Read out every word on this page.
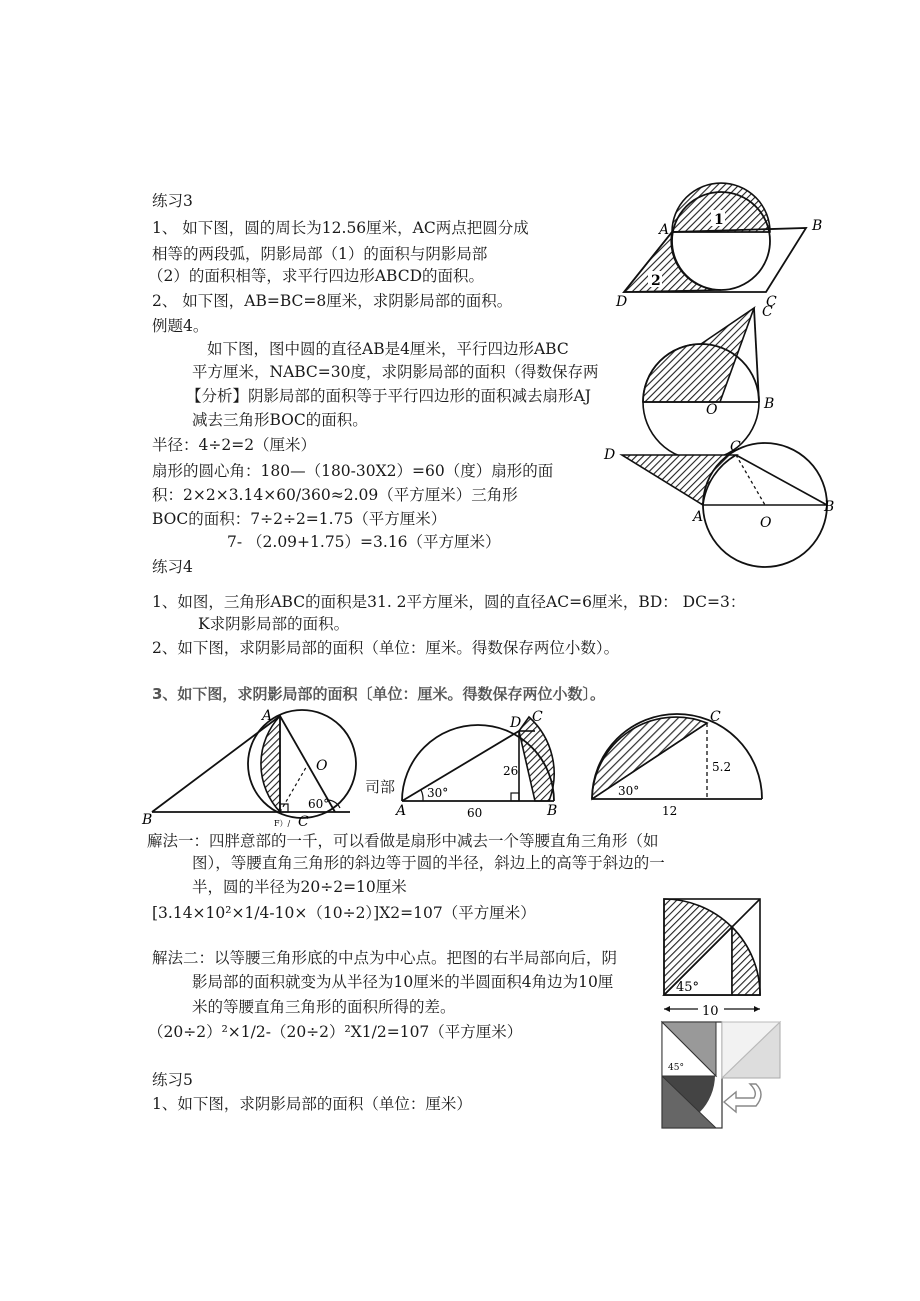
练习3
1、 如下图，圆的周长为12.56厘米，AC两点把圆分成
相等的两段弧，阴影局部（1）的面积与阴影局部
（2）的面积相等，求平行四边形ABCD的面积。
2、 如下图，AB=BC=8厘米，求阴影局部的面积。
例题4。
如下图，图中圆的直径AB是4厘米，平行四边形ABC
平方厘米，NABC=30度，求阴影局部的面积（得数保存两
【分析】阴影局部的面积等于平行四边形的面积减去扇形AJ
减去三角形BOC的面积。
半径：4÷2=2（厘米）
扇形的圆心角：180—（180-30X2）=60（度）扇形的面
积：2×2×3.14×60/360≈2.09（平方厘米）三角形
BOC的面积：7÷2÷2=1.75（平方厘米）
7- （2.09+1.75）=3.16（平方厘米）
练习4
1、如图，三角形ABC的面积是31. 2平方厘米，圆的直径AC=6厘米，BD： DC=3：
K求阴影局部的面积。
2、如下图，求阴影局部的面积（单位：厘米。得数保存两位小数）。
3、如下图，求阴影局部的面积〔单位：厘米。得数保存两位小数〕。
廨法一：四胖意部的一千，可以看做是扇形中减去一个等腰直角三角形（如
图），等腰直角三角形的斜边等于圆的半径，斜边上的高等于斜边的一
半，圆的半径为20÷2=10厘米
[3.14×10²×1/4-10×（10÷2）]X2=107（平方厘米）
解法二：以等腰三角形底的中点为中心点。把图的右半局部向后，阴
影局部的面积就变为从半径为10厘米的半圆面积4角边为10厘
米的等腰直角三角形的面积所得的差。
（20÷2）²×1/2-（20÷2）²X1/2=107（平方厘米）
练习5
1、如下图，求阴影局部的面积（单位：厘米）
1
2
A	B
C
D
C
O	B
D	C
A	O
B
A
B
O
60°
F）/ C
司部
D C
A	B
26
60
30°
C
5.2
12
30°
45°
10
45°
